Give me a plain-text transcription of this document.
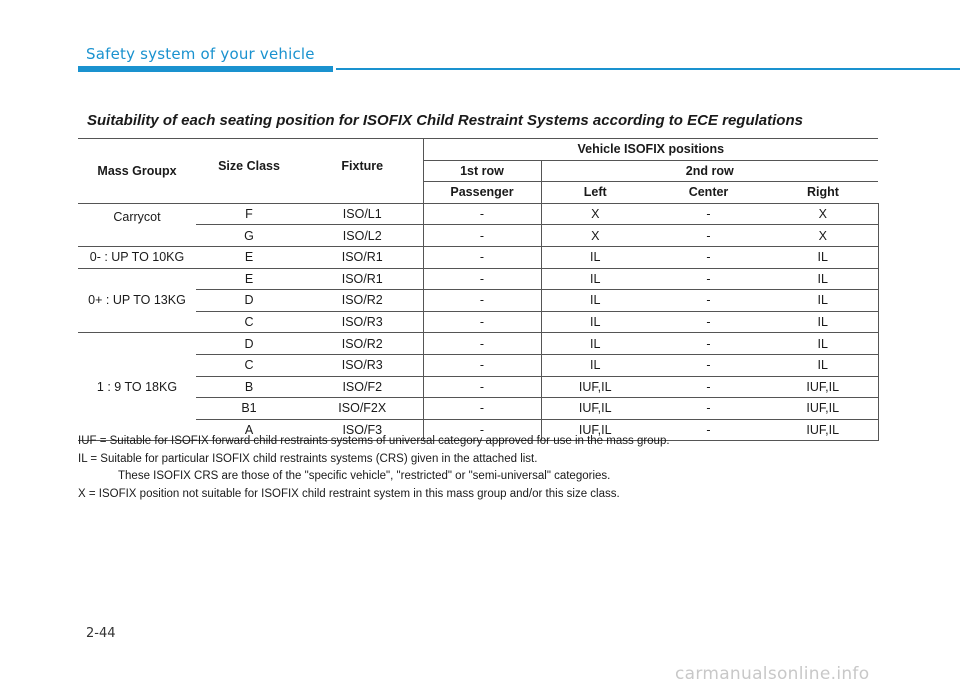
Safety system of your vehicle
Suitability of each seating position for ISOFIX Child Restraint Systems according to ECE regulations
Mass Groupx	Size Class	Fixture	Vehicle ISOFIX positions			
			1st row	2nd row		
			Passenger	Left	Center	Right
Carrycot	F	ISO/L1	-	X	-	X
	G	ISO/L2	-	X	-	X
0- : UP TO 10KG	E	ISO/R1	-	IL	-	IL
0+ : UP TO 13KG	E	ISO/R1	-	IL	-	IL
	D	ISO/R2	-	IL	-	IL
	C	ISO/R3	-	IL	-	IL
1 : 9 TO 18KG	D	ISO/R2	-	IL	-	IL
	C	ISO/R3	-	IL	-	IL
	B	ISO/F2	-	IUF,IL	-	IUF,IL
	B1	ISO/F2X	-	IUF,IL	-	IUF,IL
	A	ISO/F3	-	IUF,IL	-	IUF,IL
IUF = Suitable for ISOFIX forward child restraints systems of universal category approved for use in the mass group.
IL = Suitable for particular ISOFIX child restraints systems (CRS) given in the attached list.
These ISOFIX CRS are those of the "specific vehicle", "restricted" or "semi-universal" categories.
X = ISOFIX position not suitable for ISOFIX child restraint system in this mass group and/or this size class.
2-44
carmanualsonline.info
